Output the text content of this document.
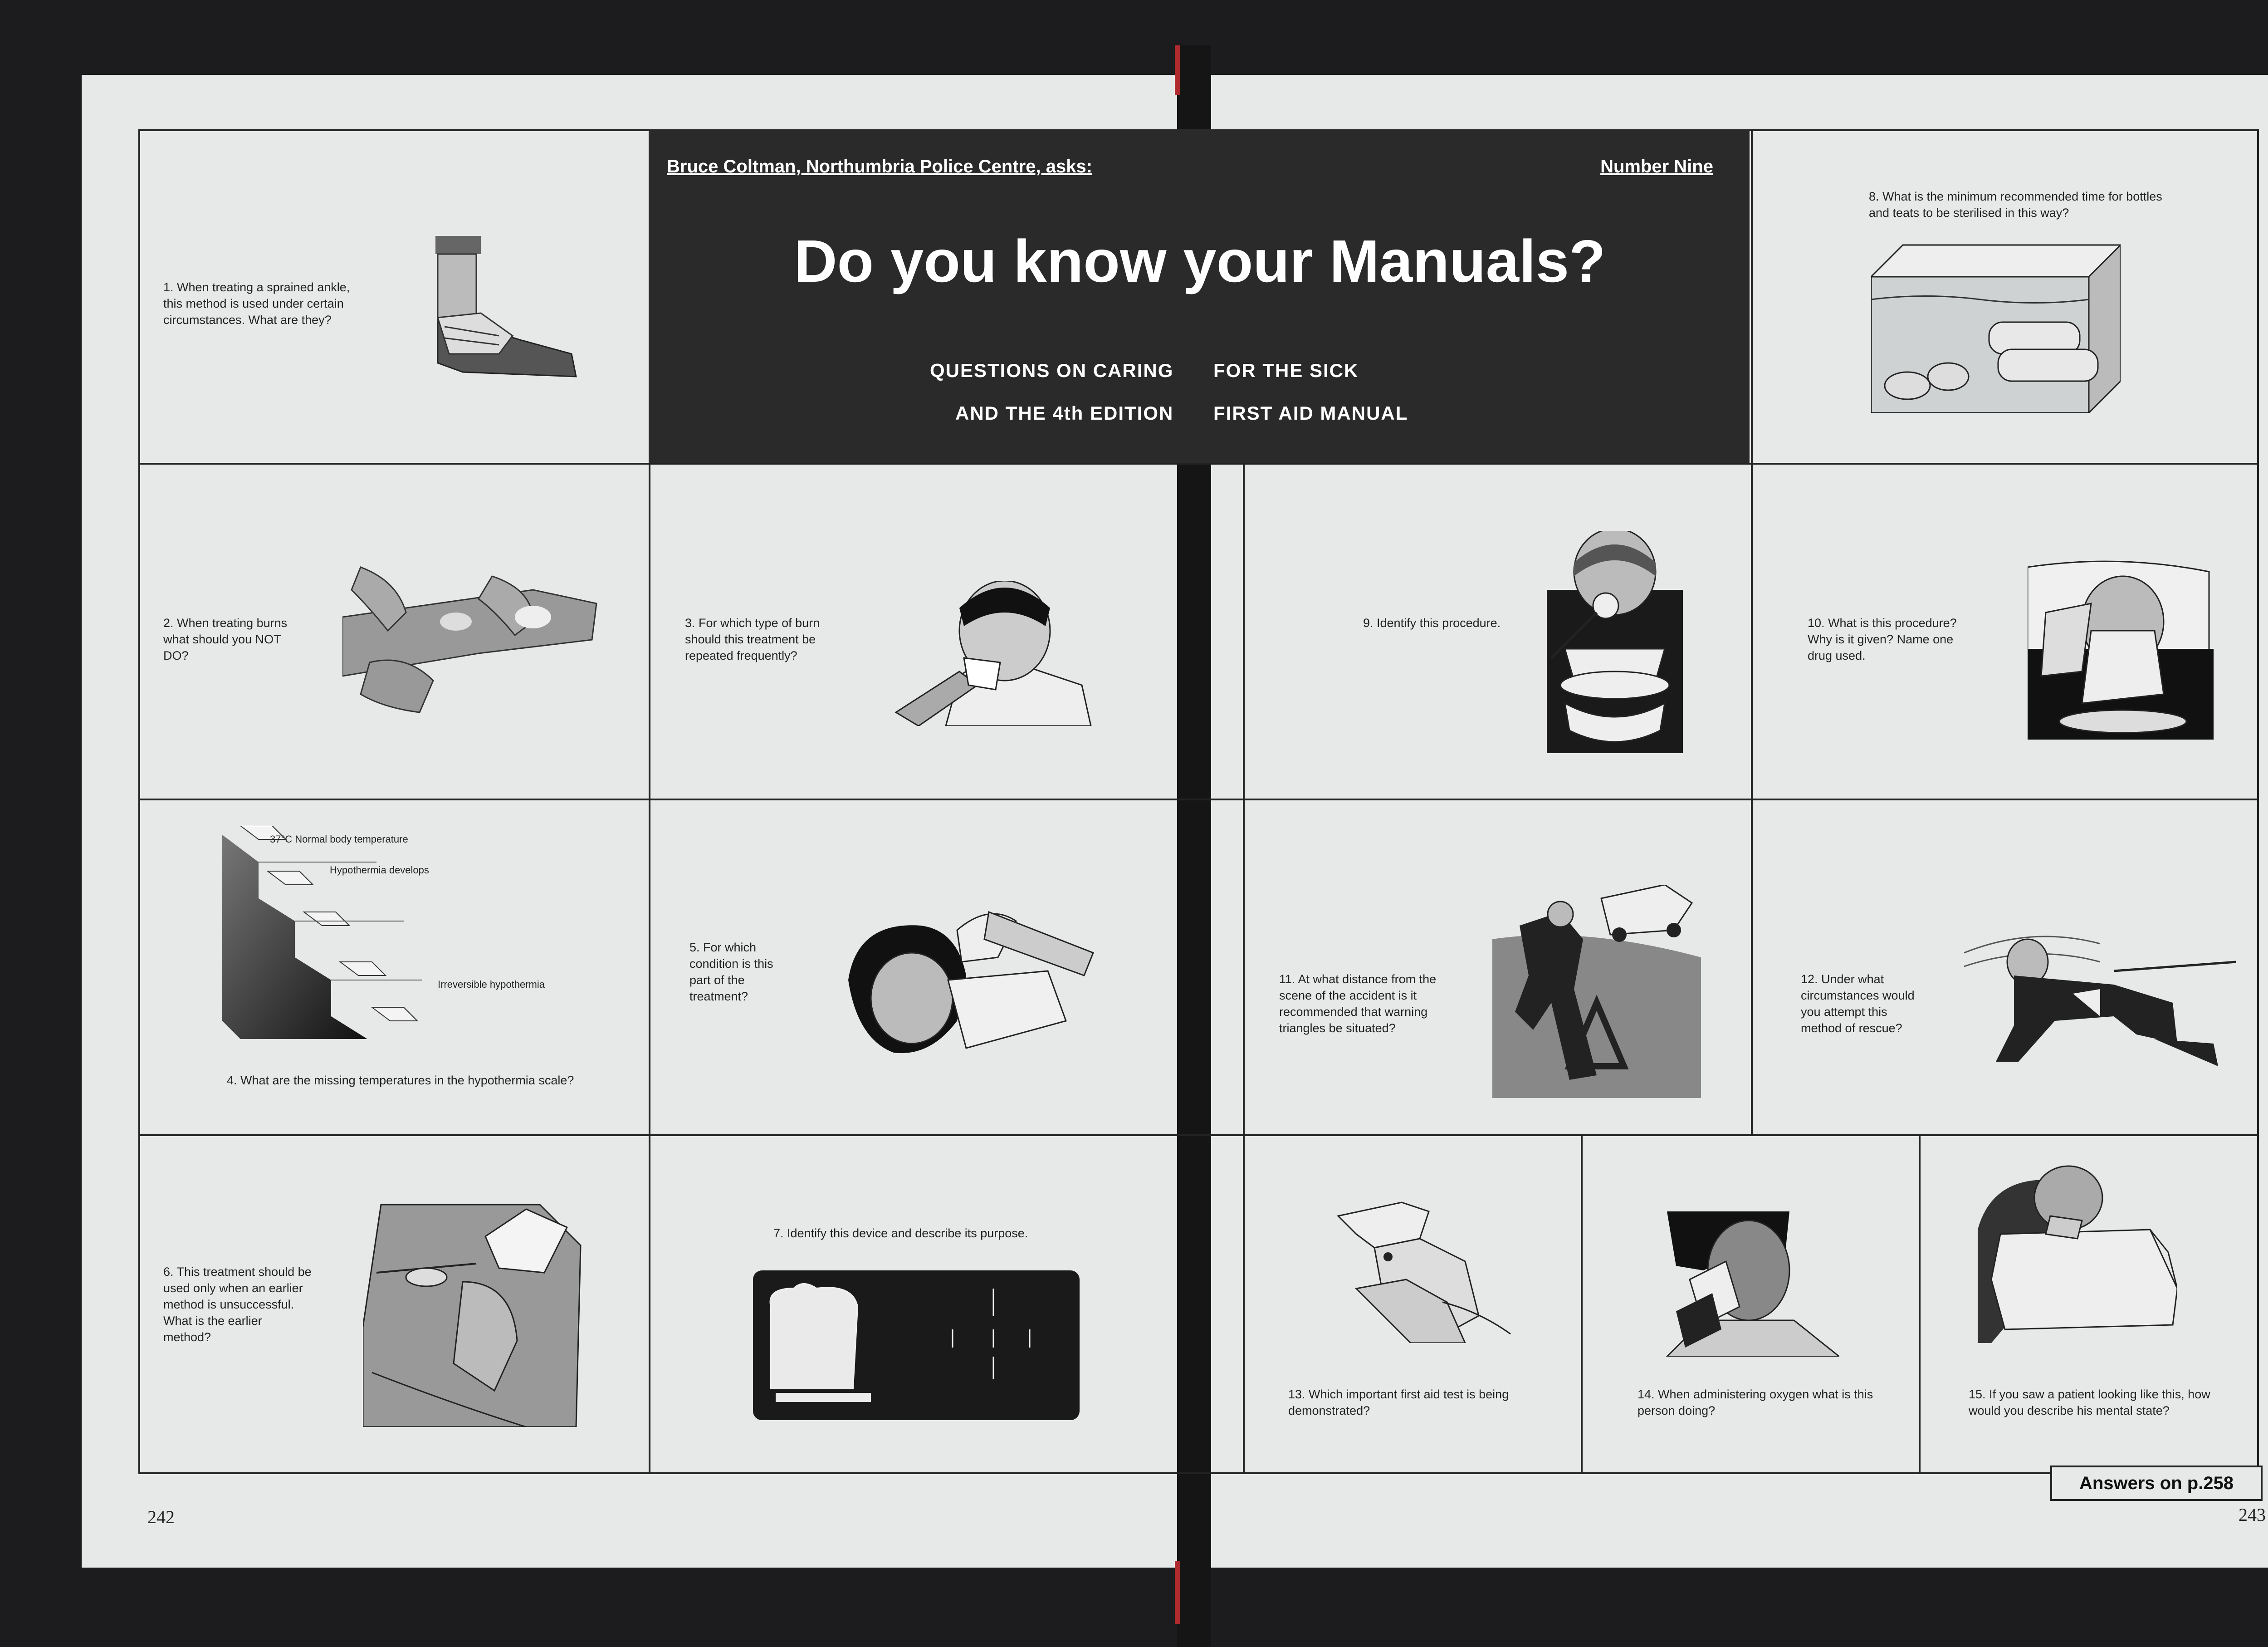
Bruce Coltman, Northumbria Police Centre, asks:	Number Nine
Do you know your Manuals?
QUESTIONS ON CARING FOR THE SICK
AND THE 4th EDITION FIRST AID MANUAL
1. When treating a sprained ankle,
this method is used under certain
circumstances. What are they?
2. When treating burns
what should you NOT
DO?
3. For which type of burn
should this treatment be
repeated frequently?
37°C Normal body temperature
Hypothermia develops
Irreversible hypothermia
4. What are the missing temperatures in the hypothermia scale?
5. For which
condition is this
part of the
treatment?
6. This treatment should be
used only when an earlier
method is unsuccessful.
What is the earlier
method?
7. Identify this device and describe its purpose.
8. What is the minimum recommended time for bottles
and teats to be sterilised in this way?
9. Identify this procedure.	10. What is this procedure?
Why is it given? Name one
drug used.
11. At what distance from the
scene of the accident is it
recommended that warning
triangles be situated?
12. Under what
circumstances would
you attempt this
method of rescue?
13. Which important first aid test is being
demonstrated?
14. When administering oxygen what is this
person doing?
15. If you saw a patient looking like this, how
would you describe his mental state?
Answers on p.258
242	243
